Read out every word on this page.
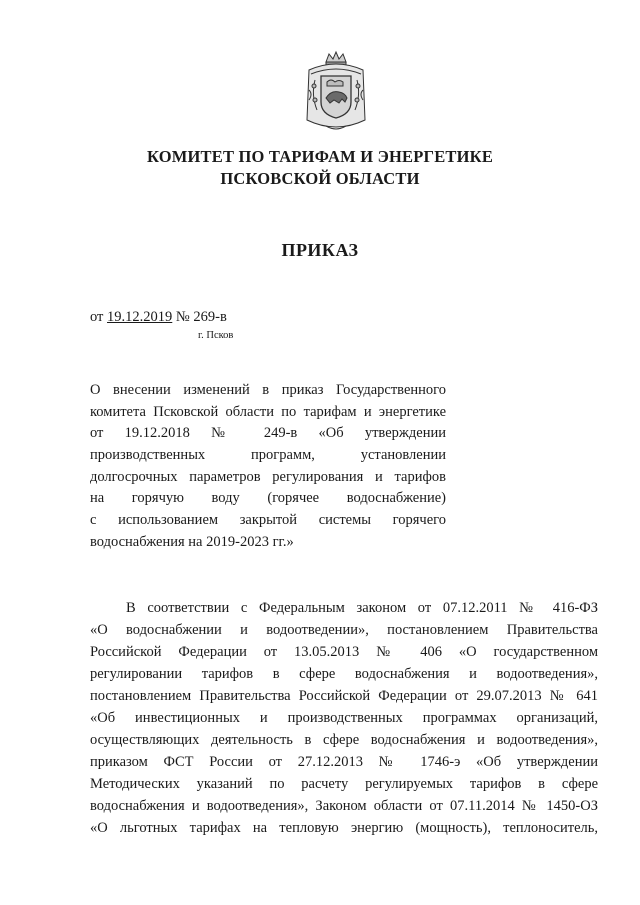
КОМИТЕТ ПО ТАРИФАМ И ЭНЕРГЕТИКЕ
ПСКОВСКОЙ ОБЛАСТИ
ПРИКАЗ
от 19.12.2019 № 269-в
г. Псков
О внесении изменений в приказ Государственного
комитета Псковской области по тарифам и энергетике
от 19.12.2018 № 249-в «Об утверждении
производственных программ, установлении
долгосрочных параметров регулирования и тарифов
на горячую воду (горячее водоснабжение)
с использованием закрытой системы горячего
водоснабжения на 2019-2023 гг.»
В соответствии с Федеральным законом от 07.12.2011 № 416-ФЗ
«О водоснабжении и водоотведении», постановлением Правительства
Российской Федерации от 13.05.2013 № 406 «О государственном
регулировании тарифов в сфере водоснабжения и водоотведения»,
постановлением Правительства Российской Федерации от 29.07.2013 № 641
«Об инвестиционных и производственных программах организаций,
осуществляющих деятельность в сфере водоснабжения и водоотведения»,
приказом ФСТ России от 27.12.2013 № 1746-э «Об утверждении
Методических указаний по расчету регулируемых тарифов в сфере
водоснабжения и водоотведения», Законом области от 07.11.2014 № 1450-ОЗ
«О льготных тарифах на тепловую энергию (мощность), теплоноситель,
